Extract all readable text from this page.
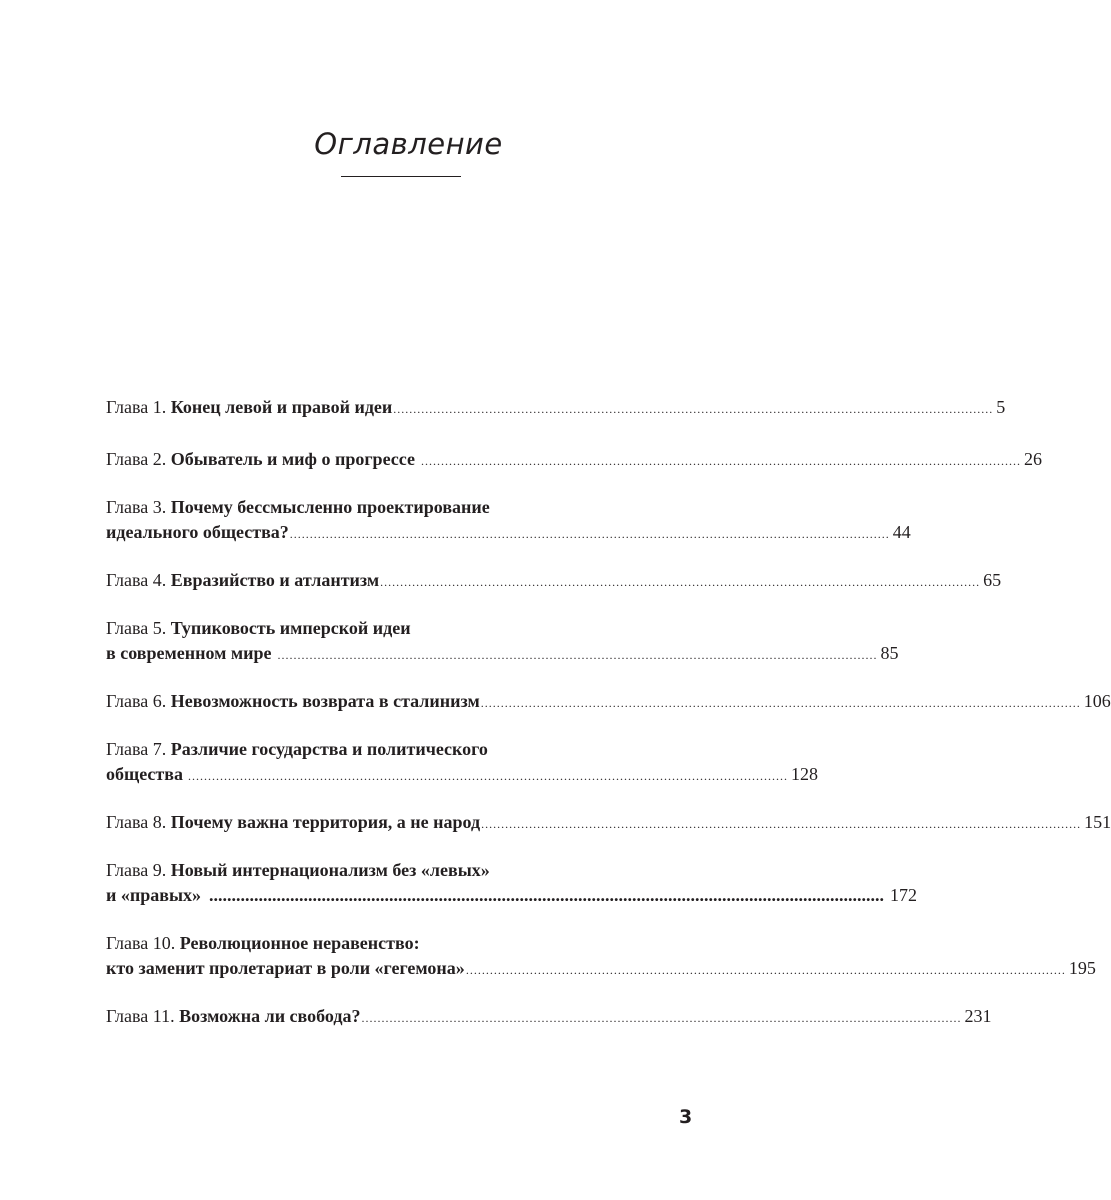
Оглавление
Глава 1.
Конец левой и правой идеи ...................................................................................................................................................... 5
Глава 2.
Обыватель и миф о прогрессе ...................................................................................................................................................... 26
Глава 3.
Почему бессмысленно проектирование
идеального общества? ...................................................................................................................................................... 44
Глава 4.
Евразийство и атлантизм ...................................................................................................................................................... 65
Глава 5.
Тупиковость имперской идеи
в современном мире ...................................................................................................................................................... 85
Глава 6.
Невозможность возврата в сталинизм ...................................................................................................................................................... 106
Глава 7.
Различие государства и политического
общества ...................................................................................................................................................... 128
Глава 8.
Почему важна территория, а не народ ...................................................................................................................................................... 151
Глава 9.
Новый интернационализм без «левых»
и «правых» ...................................................................................................................................................... 172
Глава 10.
Революционное неравенство:
кто заменит пролетариат в роли «гегемона» ...................................................................................................................................................... 195
Глава 11.
Возможна ли свобода? ...................................................................................................................................................... 231
3
